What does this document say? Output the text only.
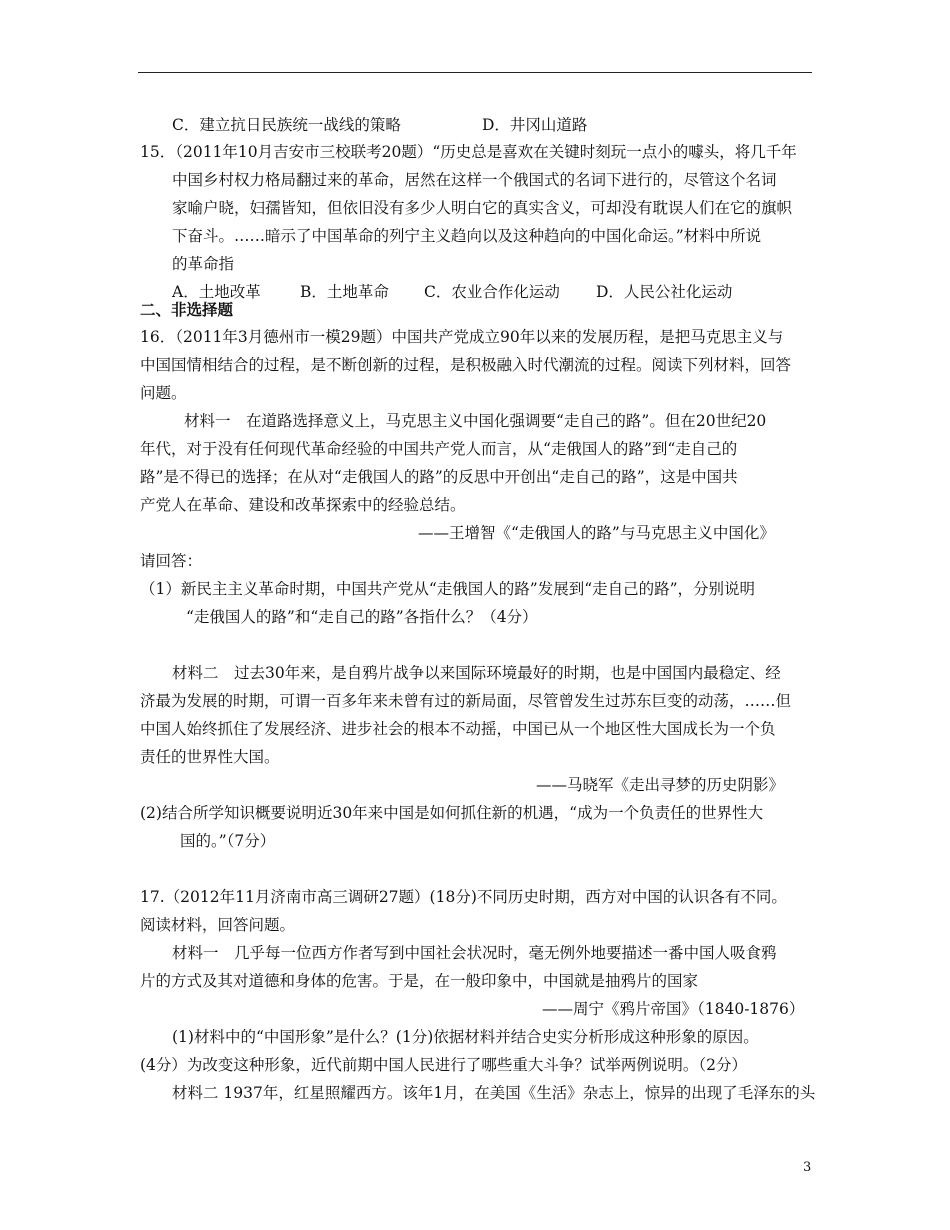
C．建立抗日民族统一战线的策略	D．井冈山道路
15．（2011年10月吉安市三校联考20题）“历史总是喜欢在关键时刻玩一点小的噱头，将几千年
中国乡村权力格局翻过来的革命，居然在这样一个俄国式的名词下进行的，尽管这个名词
家喻户晓，妇孺皆知，但依旧没有多少人明白它的真实含义，可却没有耽误人们在它的旗帜
下奋斗。……暗示了中国革命的列宁主义趋向以及这种趋向的中国化命运。”材料中所说
的革命指
A．土地改革	B．土地革命 C．农业合作化运动 D．人民公社化运动
二、非选择题
16．（2011年3月德州市一模29题）中国共产党成立90年以来的发展历程，是把马克思主义与
中国国情相结合的过程，是不断创新的过程，是积极融入时代潮流的过程。阅读下列材料，回答
问题。
材料一　在道路选择意义上，马克思主义中国化强调要“走自己的路”。但在20世纪20
年代，对于没有任何现代革命经验的中国共产党人而言，从“走俄国人的路”到“走自己的
路”是不得已的选择；在从对“走俄国人的路”的反思中开创出“走自己的路”，这是中国共
产党人在革命、建设和改革探索中的经验总结。
——王增智《“走俄国人的路”与马克思主义中国化》
请回答：
（1）新民主主义革命时期，中国共产党从“走俄国人的路”发展到“走自己的路”，分别说明
“走俄国人的路”和“走自己的路”各指什么？（4分）
材料二　过去30年来，是自鸦片战争以来国际环境最好的时期，也是中国国内最稳定、经
济最为发展的时期，可谓一百多年来未曾有过的新局面，尽管曾发生过苏东巨变的动荡，……但
中国人始终抓住了发展经济、进步社会的根本不动摇，中国已从一个地区性大国成长为一个负
责任的世界性大国。
——马晓军《走出寻梦的历史阴影》
(2)结合所学知识概要说明近30年来中国是如何抓住新的机遇，“成为一个负责任的世界性大
国的。”（7分）
17.（2012年11月济南市高三调研27题）(18分)不同历史时期，西方对中国的认识各有不同。
阅读材料，回答问题。
材料一　几乎每一位西方作者写到中国社会状况时，毫无例外地要描述一番中国人吸食鸦
片的方式及其对道德和身体的危害。于是，在一般印象中，中国就是抽鸦片的国家
——周宁《鸦片帝国》（1840-1876）
(1)材料中的“中国形象”是什么？(1分)依据材料并结合史实分析形成这种形象的原因。
(4分）为改变这种形象，近代前期中国人民进行了哪些重大斗争？试举两例说明。（2分）
材料二 1937年，红星照耀西方。该年1月，在美国《生活》杂志上，惊异的出现了毛泽东的头
3
